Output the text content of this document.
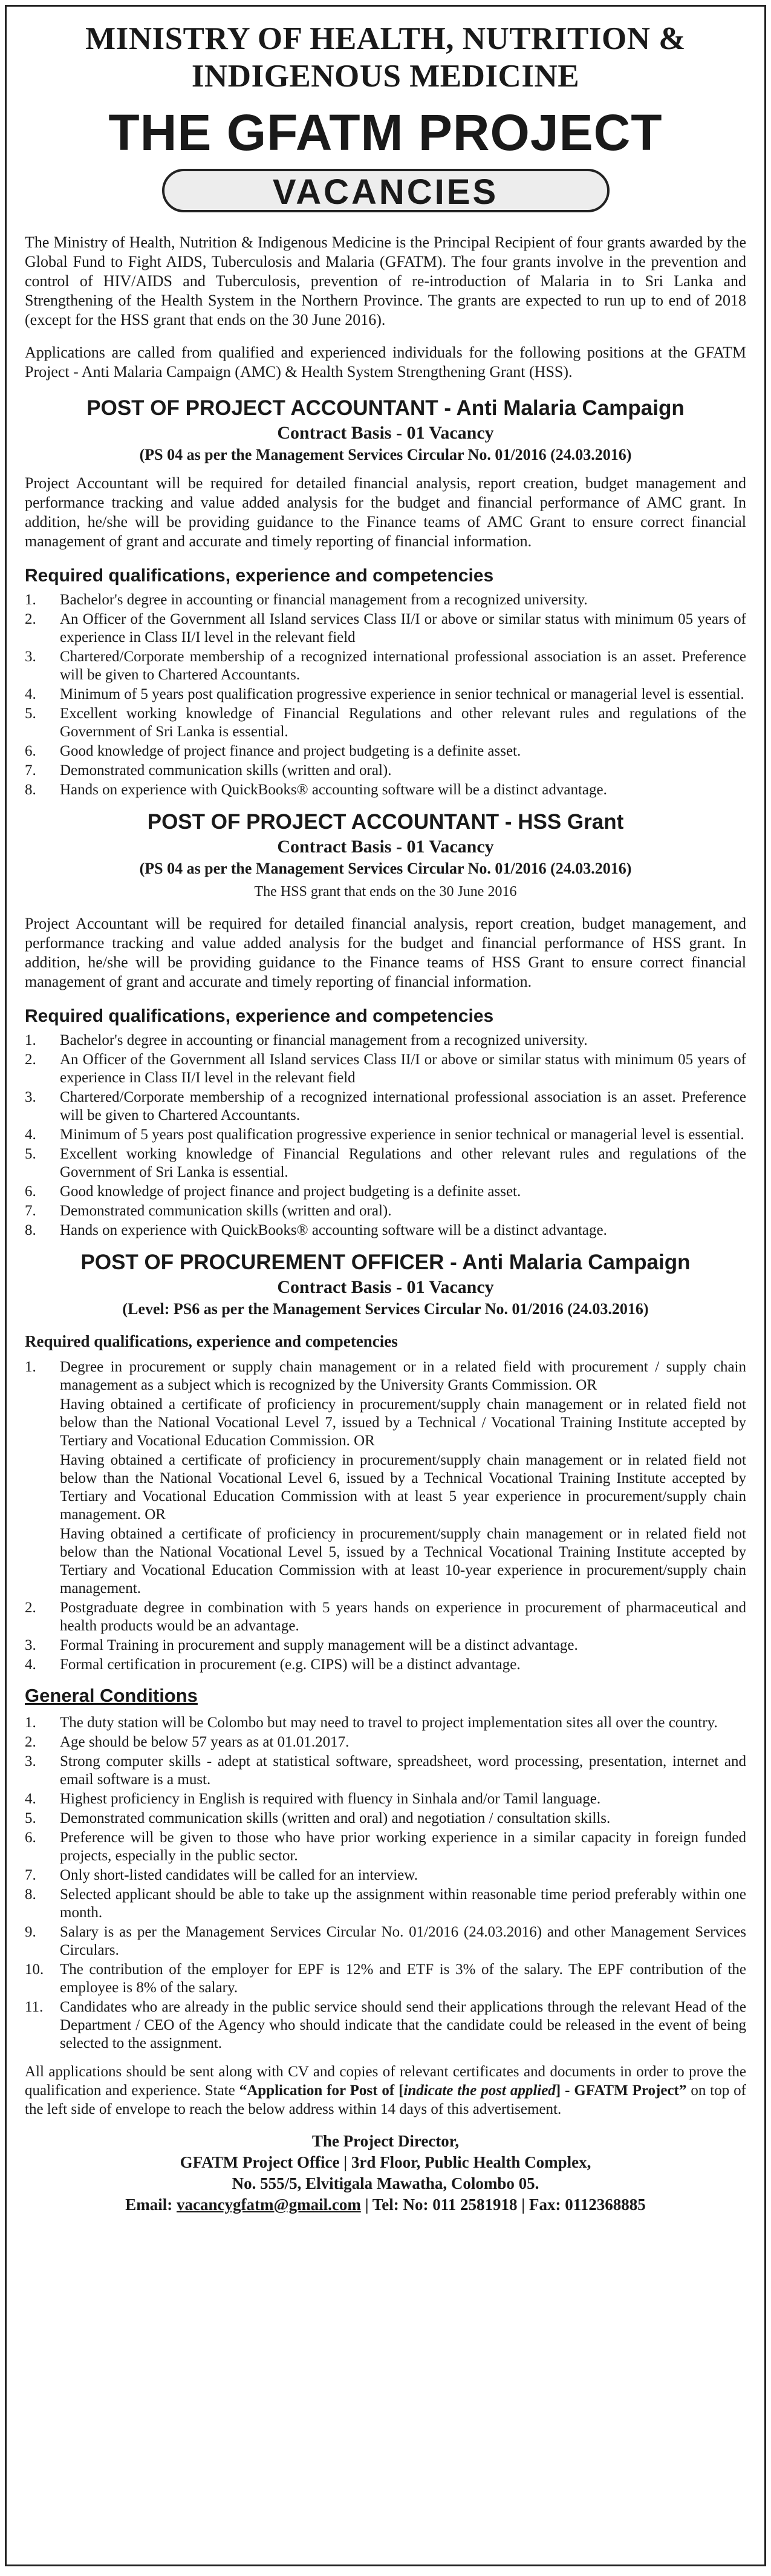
MINISTRY OF HEALTH, NUTRITION &

INDIGENOUS MEDICINE

THE GFATM PROJECT

VACANCIES

The Ministry of Health, Nutrition & Indigenous Medicine is the Principal Recipient of four grants awarded by the Global Fund to Fight AIDS, Tuberculosis and Malaria (GFATM). The four grants involve in the prevention and control of HIV/AIDS and Tuberculosis, prevention of re-introduction of Malaria in to Sri Lanka and Strengthening of the Health System in the Northern Province. The grants are expected to run up to end of 2018 (except for the HSS grant that ends on the 30 June 2016).

Applications are called from qualified and experienced individuals for the following positions at the GFATM Project - Anti Malaria Campaign (AMC) & Health System Strengthening Grant (HSS).

POST OF PROJECT ACCOUNTANT - Anti Malaria Campaign

Contract Basis - 01 Vacancy

(PS 04 as per the Management Services Circular No. 01/2016 (24.03.2016)

Project Accountant will be required for detailed financial analysis, report creation, budget management and performance tracking and value added analysis for the budget and financial performance of AMC grant. In addition, he/she will be providing guidance to the Finance teams of AMC Grant to ensure correct financial management of grant and accurate and timely reporting of financial information.

Required qualifications, experience and competencies

1.	Bachelor's degree in accounting or financial management from a recognized university.
2.	An Officer of the Government all Island services Class II/I or above or similar status with minimum 05 years of experience in Class II/I level in the relevant field
3.	Chartered/Corporate membership of a recognized international professional association is an asset. Preference will be given to Chartered Accountants.
4.	Minimum of 5 years post qualification progressive experience in senior technical or managerial level is essential.
5.	Excellent working knowledge of Financial Regulations and other relevant rules and regulations of the Government of Sri Lanka is essential.
6.	Good knowledge of project finance and project budgeting is a definite asset.
7.	Demonstrated communication skills (written and oral).
8.	Hands on experience with QuickBooks® accounting software will be a distinct advantage.

POST OF PROJECT ACCOUNTANT - HSS Grant

Contract Basis - 01 Vacancy

(PS 04 as per the Management Services Circular No. 01/2016 (24.03.2016)

The HSS grant that ends on the 30 June 2016

Project Accountant will be required for detailed financial analysis, report creation, budget management, and performance tracking and value added analysis for the budget and financial performance of HSS grant. In addition, he/she will be providing guidance to the Finance teams of HSS Grant to ensure correct financial management of grant and accurate and timely reporting of financial information.

Required qualifications, experience and competencies

1.	Bachelor's degree in accounting or financial management from a recognized university.
2.	An Officer of the Government all Island services Class II/I or above or similar status with minimum 05 years of experience in Class II/I level in the relevant field
3.	Chartered/Corporate membership of a recognized international professional association is an asset. Preference will be given to Chartered Accountants.
4.	Minimum of 5 years post qualification progressive experience in senior technical or managerial level is essential.
5.	Excellent working knowledge of Financial Regulations and other relevant rules and regulations of the Government of Sri Lanka is essential.
6.	Good knowledge of project finance and project budgeting is a definite asset.
7.	Demonstrated communication skills (written and oral).
8.	Hands on experience with QuickBooks® accounting software will be a distinct advantage.

POST OF PROCUREMENT OFFICER - Anti Malaria Campaign

Contract Basis - 01 Vacancy

(Level: PS6 as per the Management Services Circular No. 01/2016 (24.03.2016)

Required qualifications, experience and competencies

1.	Degree in procurement or supply chain management or in a related field with procurement / supply chain management as a subject which is recognized by the University Grants Commission. OR
Having obtained a certificate of proficiency in procurement/supply chain management or in related field not below than the National Vocational Level 7, issued by a Technical / Vocational Training Institute accepted by Tertiary and Vocational Education Commission. OR
Having obtained a certificate of proficiency in procurement/supply chain management or in related field not below than the National Vocational Level 6, issued by a Technical Vocational Training Institute accepted by Tertiary and Vocational Education Commission with at least 5 year experience in procurement/supply chain management. OR
Having obtained a certificate of proficiency in procurement/supply chain management or in related field not below than the National Vocational Level 5, issued by a Technical Vocational Training Institute accepted by Tertiary and Vocational Education Commission with at least 10-year experience in procurement/supply chain management.
2.	Postgraduate degree in combination with 5 years hands on experience in procurement of pharmaceutical and health products would be an advantage.
3.	Formal Training in procurement and supply management will be a distinct advantage.
4.	Formal certification in procurement (e.g. CIPS) will be a distinct advantage.

General Conditions

1.	The duty station will be Colombo but may need to travel to project implementation sites all over the country.
2.	Age should be below 57 years as at 01.01.2017.
3.	Strong computer skills - adept at statistical software, spreadsheet, word processing, presentation, internet and email software is a must.
4.	Highest proficiency in English is required with fluency in Sinhala and/or Tamil language.
5.	Demonstrated communication skills (written and oral) and negotiation / consultation skills.
6.	Preference will be given to those who have prior working experience in a similar capacity in foreign funded projects, especially in the public sector.
7.	Only short-listed candidates will be called for an interview.
8.	Selected applicant should be able to take up the assignment within reasonable time period preferably within one month.
9.	Salary is as per the Management Services Circular No. 01/2016 (24.03.2016) and other Management Services Circulars.
10.	The contribution of the employer for EPF is 12% and ETF is 3% of the salary. The EPF contribution of the employee is 8% of the salary.
11.	Candidates who are already in the public service should send their applications through the relevant Head of the Department / CEO of the Agency who should indicate that the candidate could be released in the event of being selected to the assignment.

All applications should be sent along with CV and copies of relevant certificates and documents in order to prove the qualification and experience. State “Application for Post of [indicate the post applied] - GFATM Project” on top of the left side of envelope to reach the below address within 14 days of this advertisement.

The Project Director,

GFATM Project Office | 3rd Floor, Public Health Complex,

No. 555/5, Elvitigala Mawatha, Colombo 05.

Email: vacancygfatm@gmail.com | Tel: No: 011 2581918 | Fax: 0112368885
